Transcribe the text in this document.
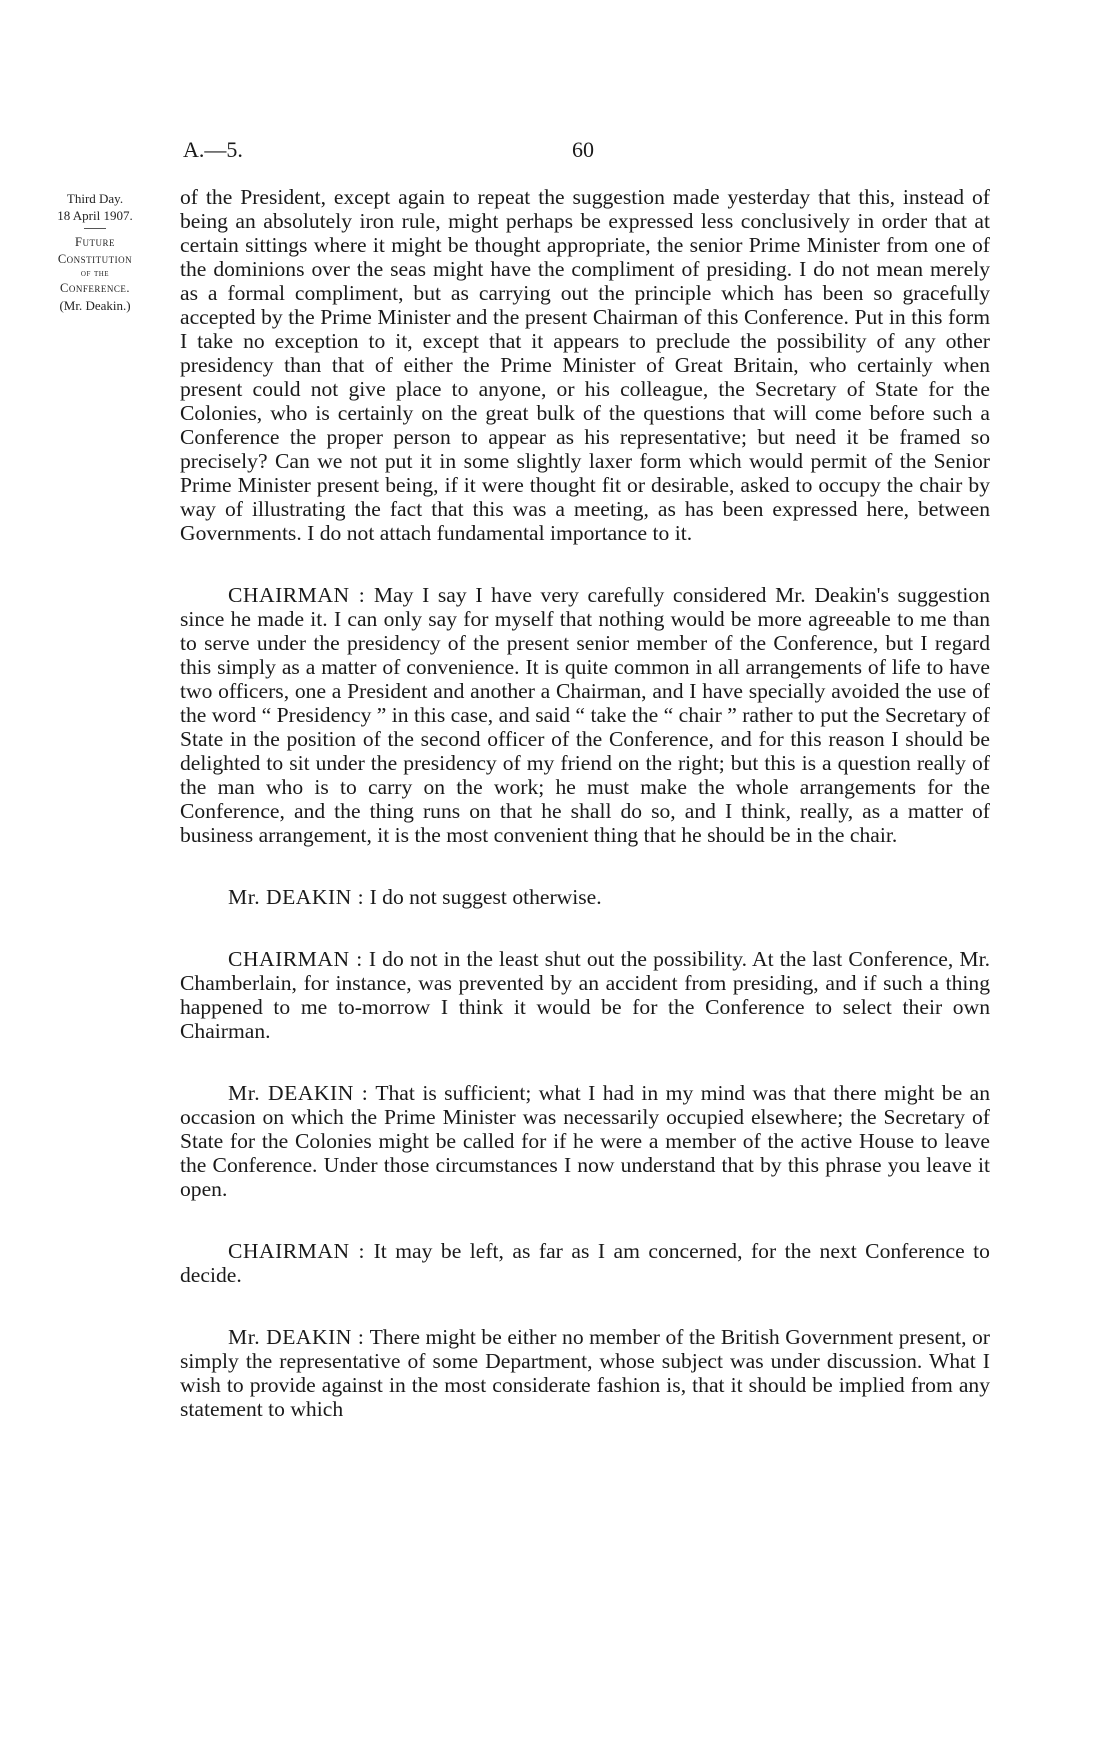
A.—5.	60
Third Day.
18 April 1907.
Future
Constitution
of the
Conference.
(Mr. Deakin.)

of the President, except again to repeat the suggestion made yesterday that this, instead of being an absolutely iron rule, might perhaps be expressed less conclusively in order that at certain sittings where it might be thought appropriate, the senior Prime Minister from one of the dominions over the seas might have the compliment of presiding. I do not mean merely as a formal compliment, but as carrying out the principle which has been so gracefully accepted by the Prime Minister and the present Chairman of this Conference. Put in this form I take no exception to it, except that it appears to preclude the possibility of any other presidency than that of either the Prime Minister of Great Britain, who certainly when present could not give place to anyone, or his colleague, the Secretary of State for the Colonies, who is certainly on the great bulk of the questions that will come before such a Conference the proper person to appear as his representative; but need it be framed so precisely? Can we not put it in some slightly laxer form which would permit of the Senior Prime Minister present being, if it were thought fit or desirable, asked to occupy the chair by way of illustrating the fact that this was a meeting, as has been expressed here, between Governments. I do not attach fundamental importance to it.

CHAIRMAN : May I say I have very carefully considered Mr. Deakin's suggestion since he made it. I can only say for myself that nothing would be more agreeable to me than to serve under the presidency of the present senior member of the Conference, but I regard this simply as a matter of convenience. It is quite common in all arrangements of life to have two officers, one a President and another a Chairman, and I have specially avoided the use of the word “ Presidency ” in this case, and said “ take the “ chair ” rather to put the Secretary of State in the position of the second officer of the Conference, and for this reason I should be delighted to sit under the presidency of my friend on the right; but this is a question really of the man who is to carry on the work; he must make the whole arrangements for the Conference, and the thing runs on that he shall do so, and I think, really, as a matter of business arrangement, it is the most convenient thing that he should be in the chair.

Mr. DEAKIN : I do not suggest otherwise.

CHAIRMAN : I do not in the least shut out the possibility. At the last Conference, Mr. Chamberlain, for instance, was prevented by an accident from presiding, and if such a thing happened to me to-morrow I think it would be for the Conference to select their own Chairman.

Mr. DEAKIN : That is sufficient; what I had in my mind was that there might be an occasion on which the Prime Minister was necessarily occupied elsewhere; the Secretary of State for the Colonies might be called for if he were a member of the active House to leave the Conference. Under those circumstances I now understand that by this phrase you leave it open.

CHAIRMAN : It may be left, as far as I am concerned, for the next Conference to decide.

Mr. DEAKIN : There might be either no member of the British Government present, or simply the representative of some Department, whose subject was under discussion. What I wish to provide against in the most considerate fashion is, that it should be implied from any statement to which
